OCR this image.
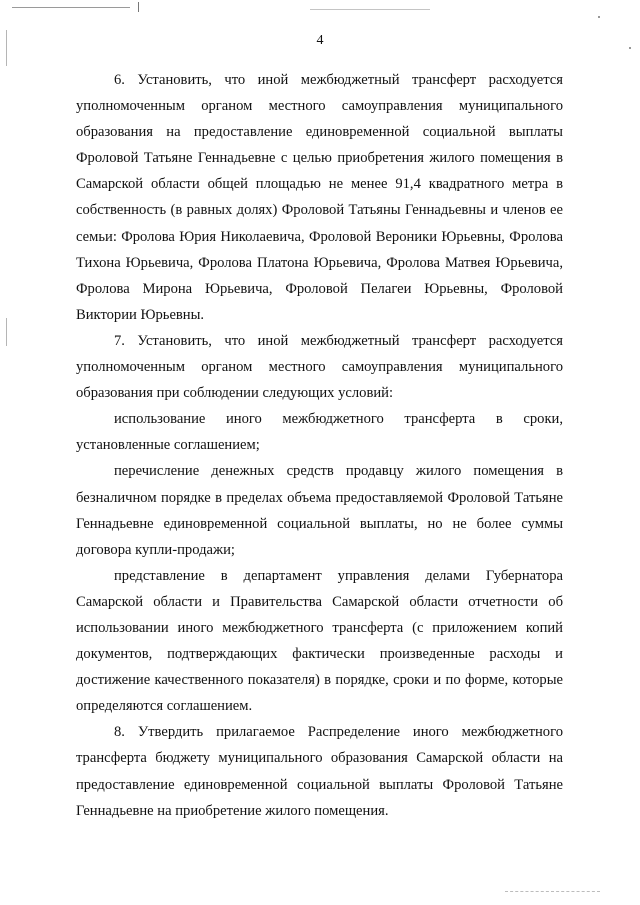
4

6. Установить, что иной межбюджетный трансферт расходуется уполномоченным органом местного самоуправления муниципального образования на предоставление единовременной социальной выплаты Фроловой Татьяне Геннадьевне с целью приобретения жилого помещения в Самарской области общей площадью не менее 91,4 квадратного метра в собственность (в равных долях) Фроловой Татьяны Геннадьевны и членов ее семьи: Фролова Юрия Николаевича, Фроловой Вероники Юрьевны, Фролова Тихона Юрьевича, Фролова Платона Юрьевича, Фролова Матвея Юрьевича, Фролова Мирона Юрьевича, Фроловой Пелагеи Юрьевны, Фроловой Виктории Юрьевны.

7. Установить, что иной межбюджетный трансферт расходуется уполномоченным органом местного самоуправления муниципального образования при соблюдении следующих условий:

использование иного межбюджетного трансферта в сроки, установленные соглашением;

перечисление денежных средств продавцу жилого помещения в безналичном порядке в пределах объема предоставляемой Фроловой Татьяне Геннадьевне единовременной социальной выплаты, но не более суммы договора купли-продажи;

представление в департамент управления делами Губернатора Самарской области и Правительства Самарской области отчетности об использовании иного межбюджетного трансферта (с приложением копий документов, подтверждающих фактически произведенные расходы и достижение качественного показателя) в порядке, сроки и по форме, которые определяются соглашением.

8. Утвердить прилагаемое Распределение иного межбюджетного трансферта бюджету муниципального образования Самарской области на предоставление единовременной социальной выплаты Фроловой Татьяне Геннадьевне на приобретение жилого помещения.
